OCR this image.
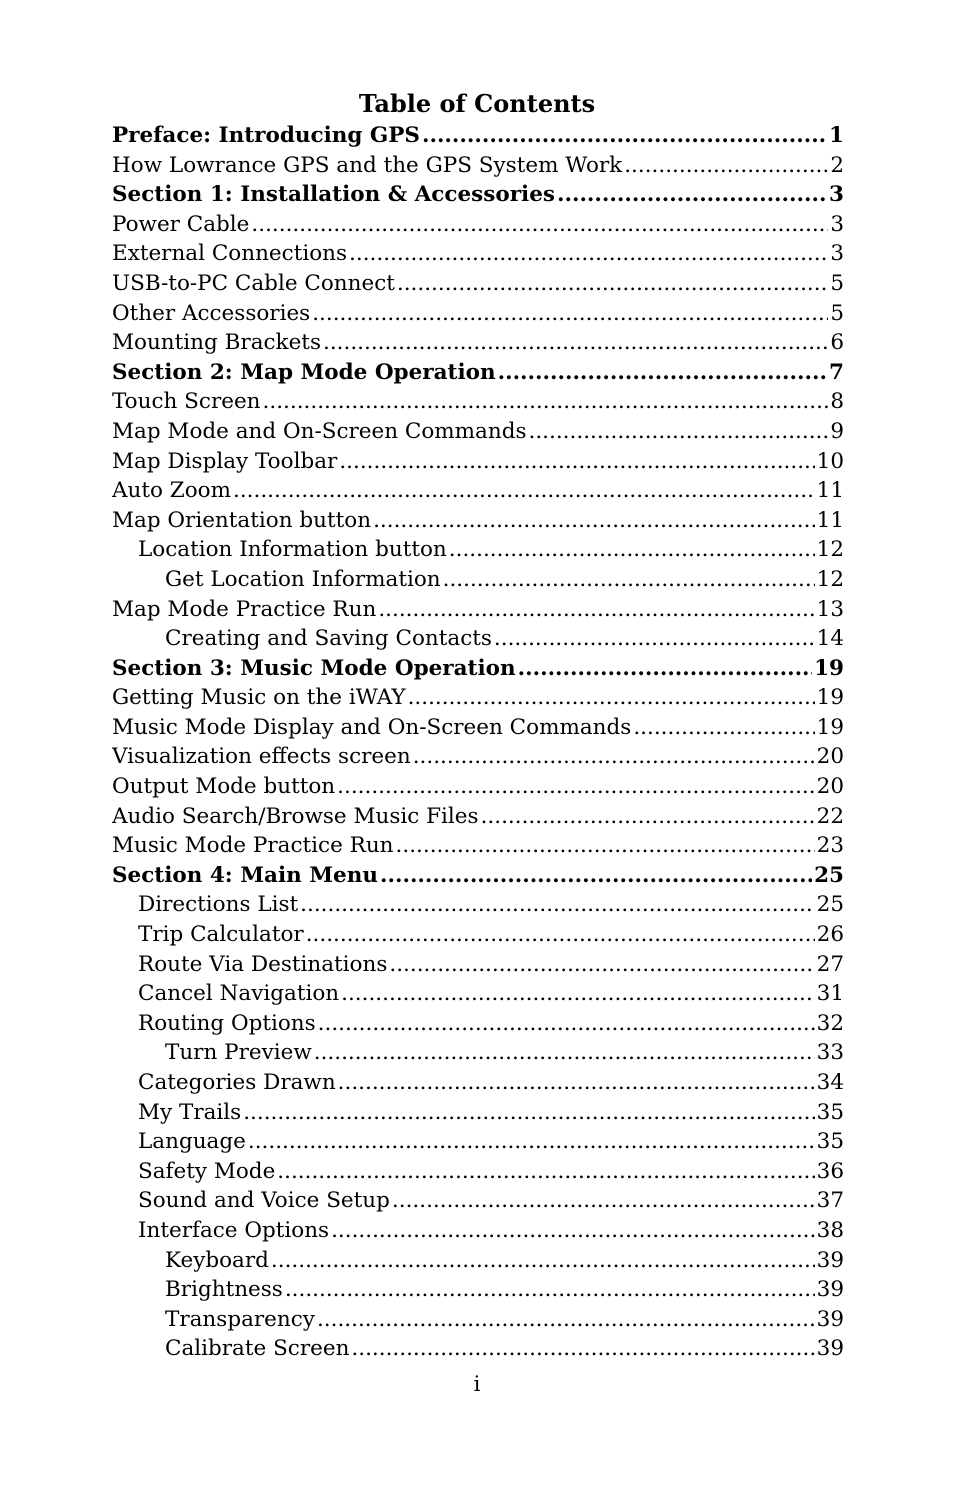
Table of Contents
Preface: Introducing GPS .....	1
How Lowrance GPS and the GPS System Work .....	2
Section 1: Installation & Accessories .....	3
Power Cable .....	3
External Connections .....	3
USB-to-PC Cable Connect .....	5
Other Accessories .....	5
Mounting Brackets .....	6
Section 2: Map Mode Operation .....	7
Touch Screen .....	8
Map Mode and On-Screen Commands .....	9
Map Display Toolbar .....	10
Auto Zoom .....	11
Map Orientation button .....	11
Location Information button .....	12
Get Location Information .....	12
Map Mode Practice Run .....	13
Creating and Saving Contacts .....	14
Section 3: Music Mode Operation .....	19
Getting Music on the iWAY .....	19
Music Mode Display and On-Screen Commands .....	19
Visualization effects screen .....	20
Output Mode button .....	20
Audio Search/Browse Music Files .....	22
Music Mode Practice Run .....	23
Section 4: Main Menu .....	25
Directions List .....	25
Trip Calculator .....	26
Route Via Destinations .....	27
Cancel Navigation .....	31
Routing Options .....	32
Turn Preview .....	33
Categories Drawn .....	34
My Trails .....	35
Language .....	35
Safety Mode .....	36
Sound and Voice Setup .....	37
Interface Options .....	38
Keyboard .....	39
Brightness .....	39
Transparency .....	39
Calibrate Screen .....	39
i
